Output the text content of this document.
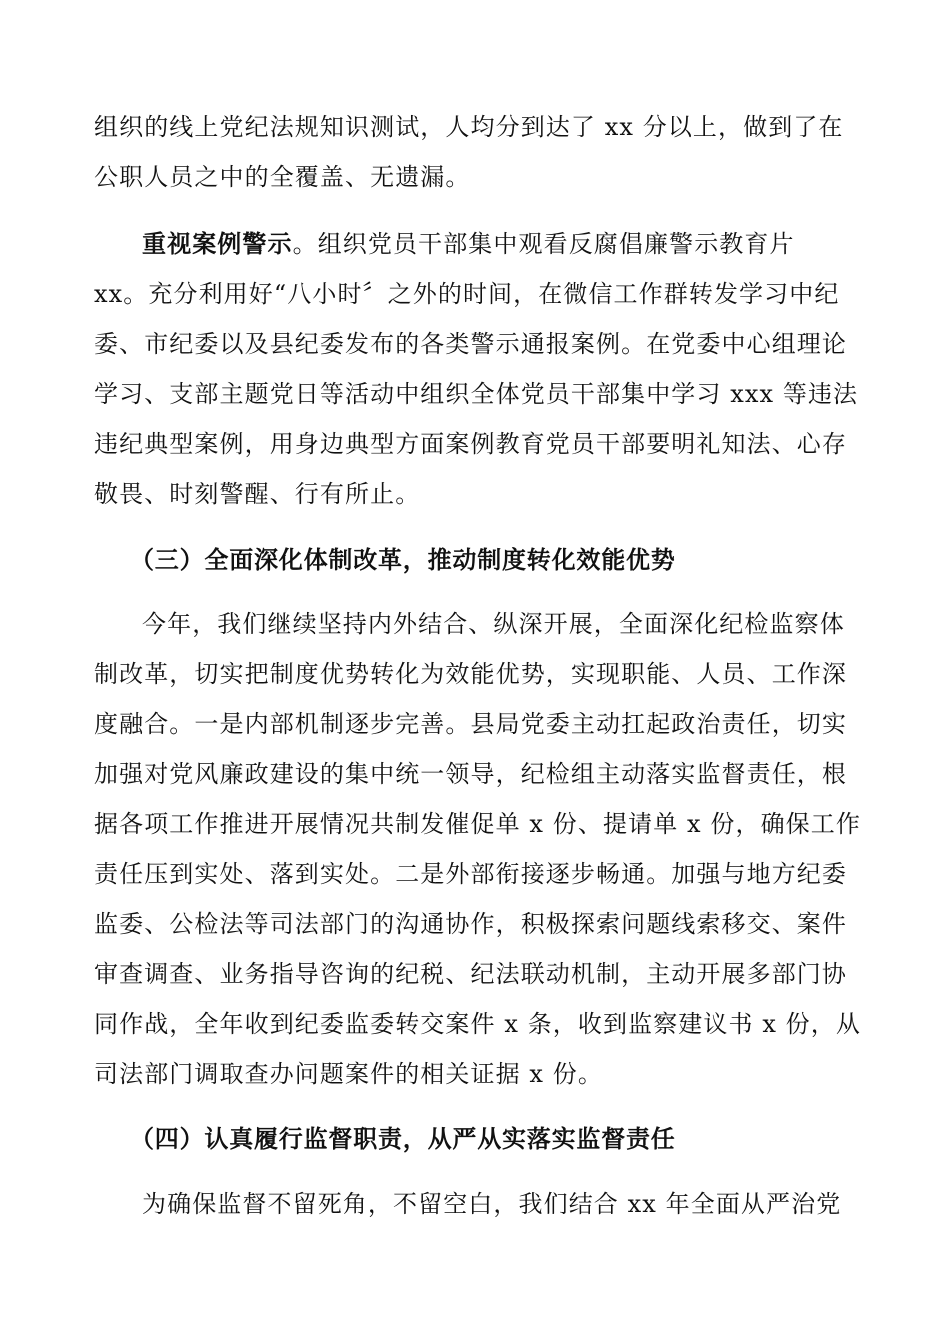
组织的线上党纪法规知识测试，人均分到达了 xx 分以上，做到了在
公职人员之中的全覆盖、无遗漏。
重视案例警示。组织党员干部集中观看反腐倡廉警示教育片
xx。充分利用好“八小时〞之外的时间，在微信工作群转发学习中纪
委、市纪委以及县纪委发布的各类警示通报案例。在党委中心组理论
学习、支部主题党日等活动中组织全体党员干部集中学习 xxx 等违法
违纪典型案例，用身边典型方面案例教育党员干部要明礼知法、心存
敬畏、时刻警醒、行有所止。
（三）全面深化体制改革，推动制度转化效能优势
今年，我们继续坚持内外结合、纵深开展，全面深化纪检监察体
制改革，切实把制度优势转化为效能优势，实现职能、人员、工作深
度融合。一是内部机制逐步完善。县局党委主动扛起政治责任，切实
加强对党风廉政建设的集中统一领导，纪检组主动落实监督责任，根
据各项工作推进开展情况共制发催促单 x 份、提请单 x 份，确保工作
责任压到实处、落到实处。二是外部衔接逐步畅通。加强与地方纪委
监委、公检法等司法部门的沟通协作，积极探索问题线索移交、案件
审查调查、业务指导咨询的纪税、纪法联动机制，主动开展多部门协
同作战，全年收到纪委监委转交案件 x 条，收到监察建议书 x 份，从
司法部门调取查办问题案件的相关证据 x 份。
（四）认真履行监督职责，从严从实落实监督责任
为确保监督不留死角，不留空白，我们结合 xx 年全面从严治党
